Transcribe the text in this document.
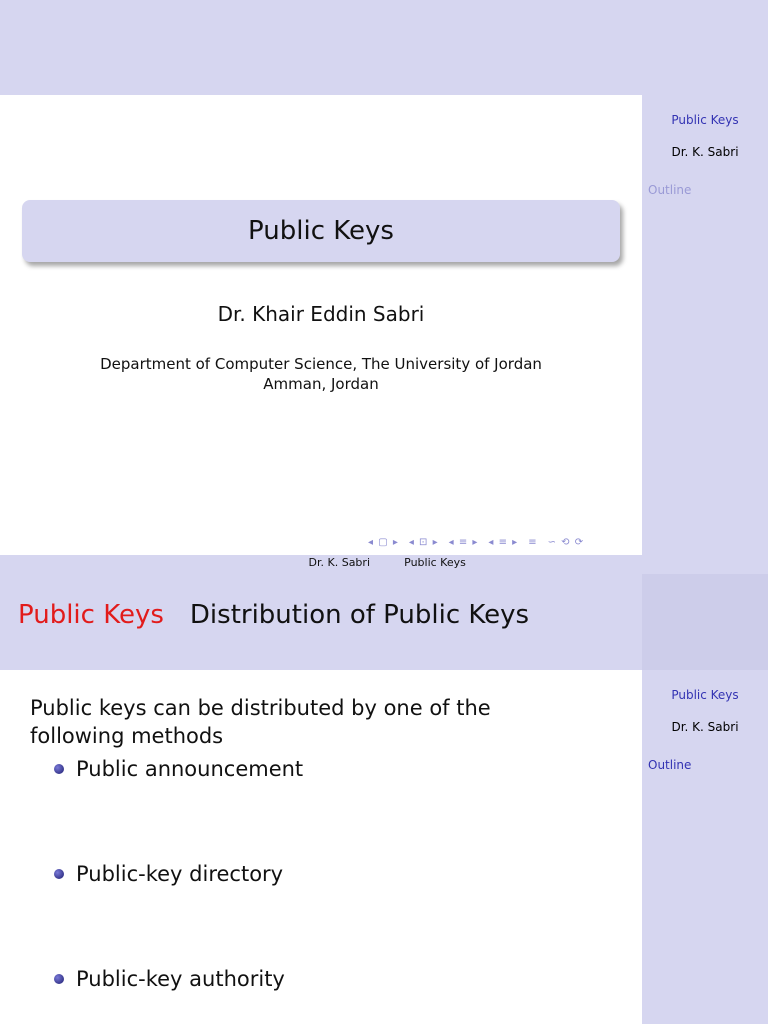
Public Keys
Dr. K. Sabri
Outline
Public Keys
Dr. Khair Eddin Sabri
Department of Computer Science, The University of Jordan
Amman, Jordan
◂ ▢ ▸ ◂ ⊡ ▸ ◂ ≡ ▸ ◂ ≡ ▸ ≡ ∽ ⟲ ⟳
Dr. K. Sabri	Public Keys
Public Keys Distribution of Public Keys
Public Keys
Dr. K. Sabri
Outline
Public keys can be distributed by one of the following methods
Public announcement
Public-key directory
Public-key authority
